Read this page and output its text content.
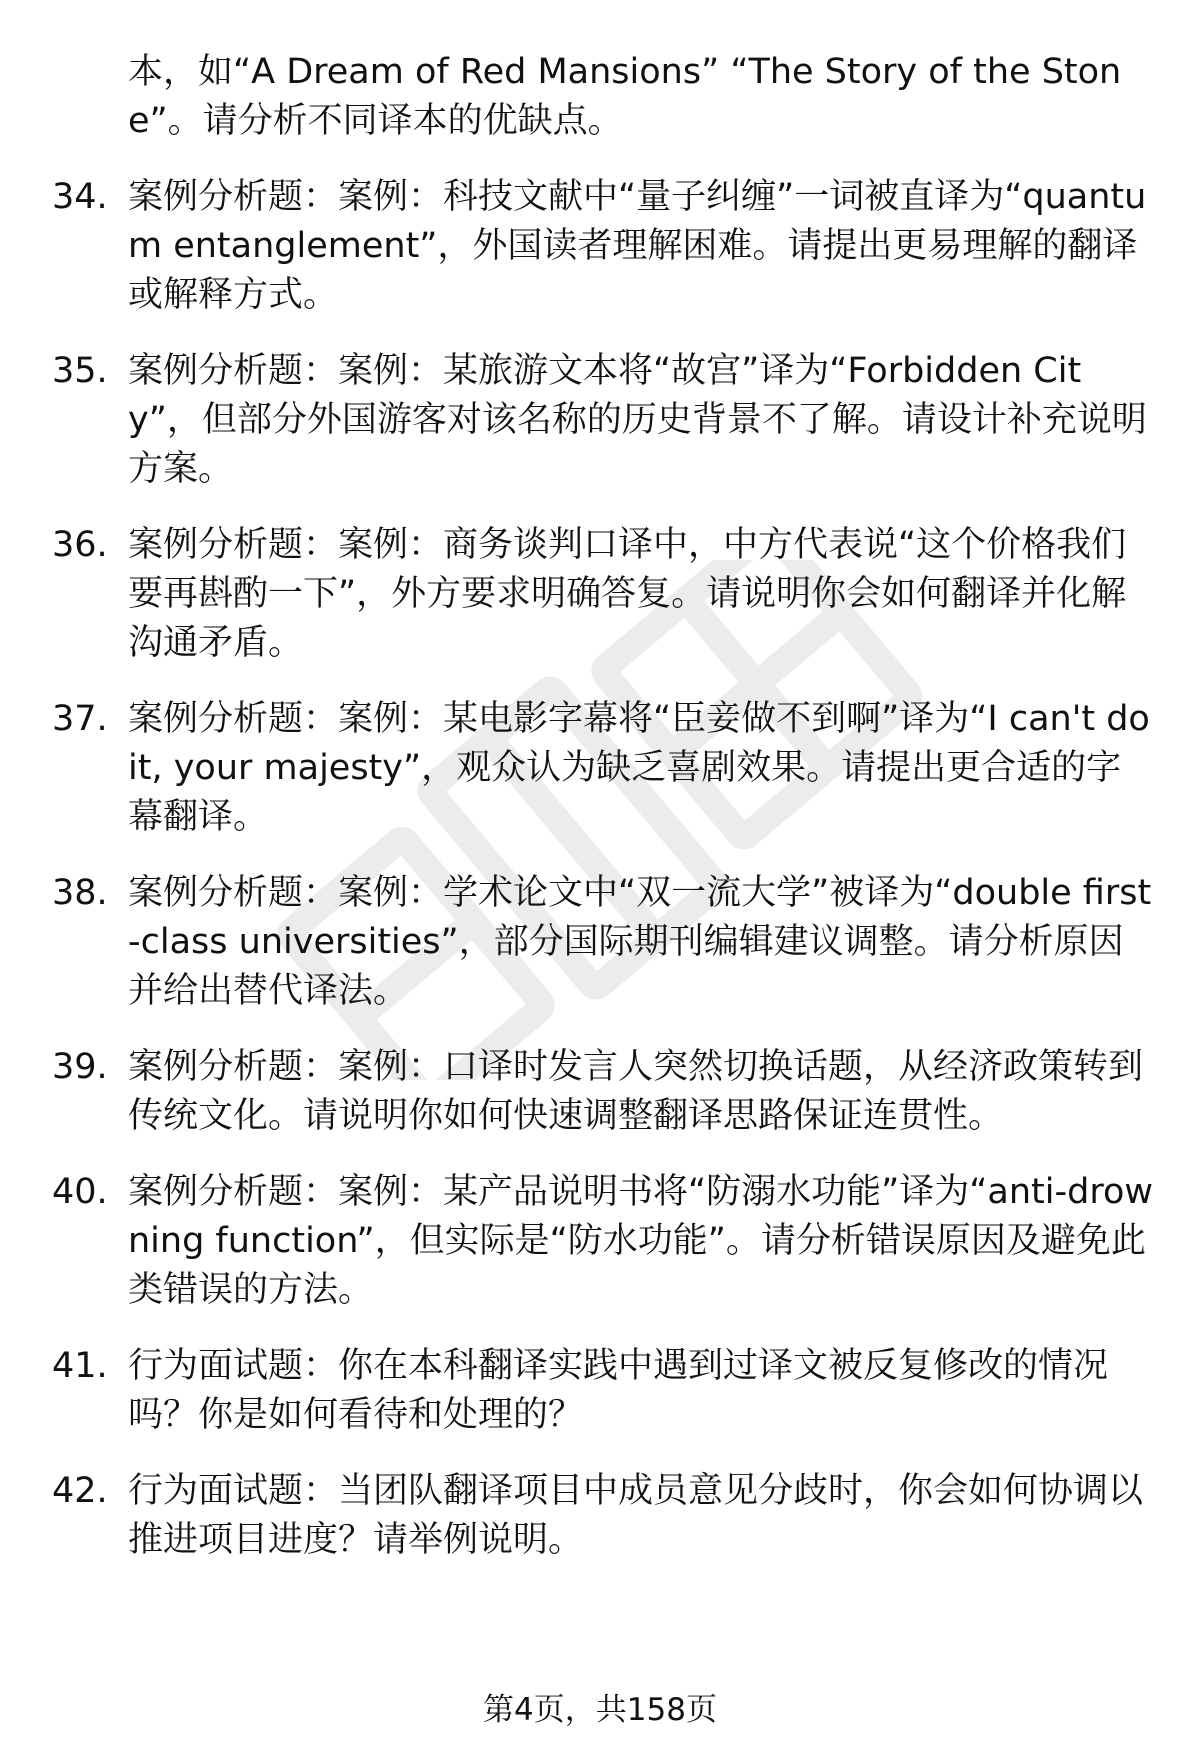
本，如“A Dream of Red Mansions” “The Story of the Stone”。请分析不同译本的优缺点。
34. 案例分析题：案例：科技文献中“量子纠缠”一词被直译为“quantum entanglement”，外国读者理解困难。请提出更易理解的翻译或解释方式。
35. 案例分析题：案例：某旅游文本将“故宫”译为“Forbidden City”，但部分外国游客对该名称的历史背景不了解。请设计补充说明方案。
36. 案例分析题：案例：商务谈判口译中，中方代表说“这个价格我们要再斟酌一下”，外方要求明确答复。请说明你会如何翻译并化解沟通矛盾。
37. 案例分析题：案例：某电影字幕将“臣妾做不到啊”译为“I can't do it, your majesty”，观众认为缺乏喜剧效果。请提出更合适的字幕翻译。
38. 案例分析题：案例：学术论文中“双一流大学”被译为“double first-class universities”，部分国际期刊编辑建议调整。请分析原因并给出替代译法。
39. 案例分析题：案例：口译时发言人突然切换话题，从经济政策转到传统文化。请说明你如何快速调整翻译思路保证连贯性。
40. 案例分析题：案例：某产品说明书将“防溺水功能”译为“anti-drowning function”，但实际是“防水功能”。请分析错误原因及避免此类错误的方法。
41. 行为面试题：你在本科翻译实践中遇到过译文被反复修改的情况吗？你是如何看待和处理的？
42. 行为面试题：当团队翻译项目中成员意见分歧时，你会如何协调以推进项目进度？请举例说明。
第4页，共158页
